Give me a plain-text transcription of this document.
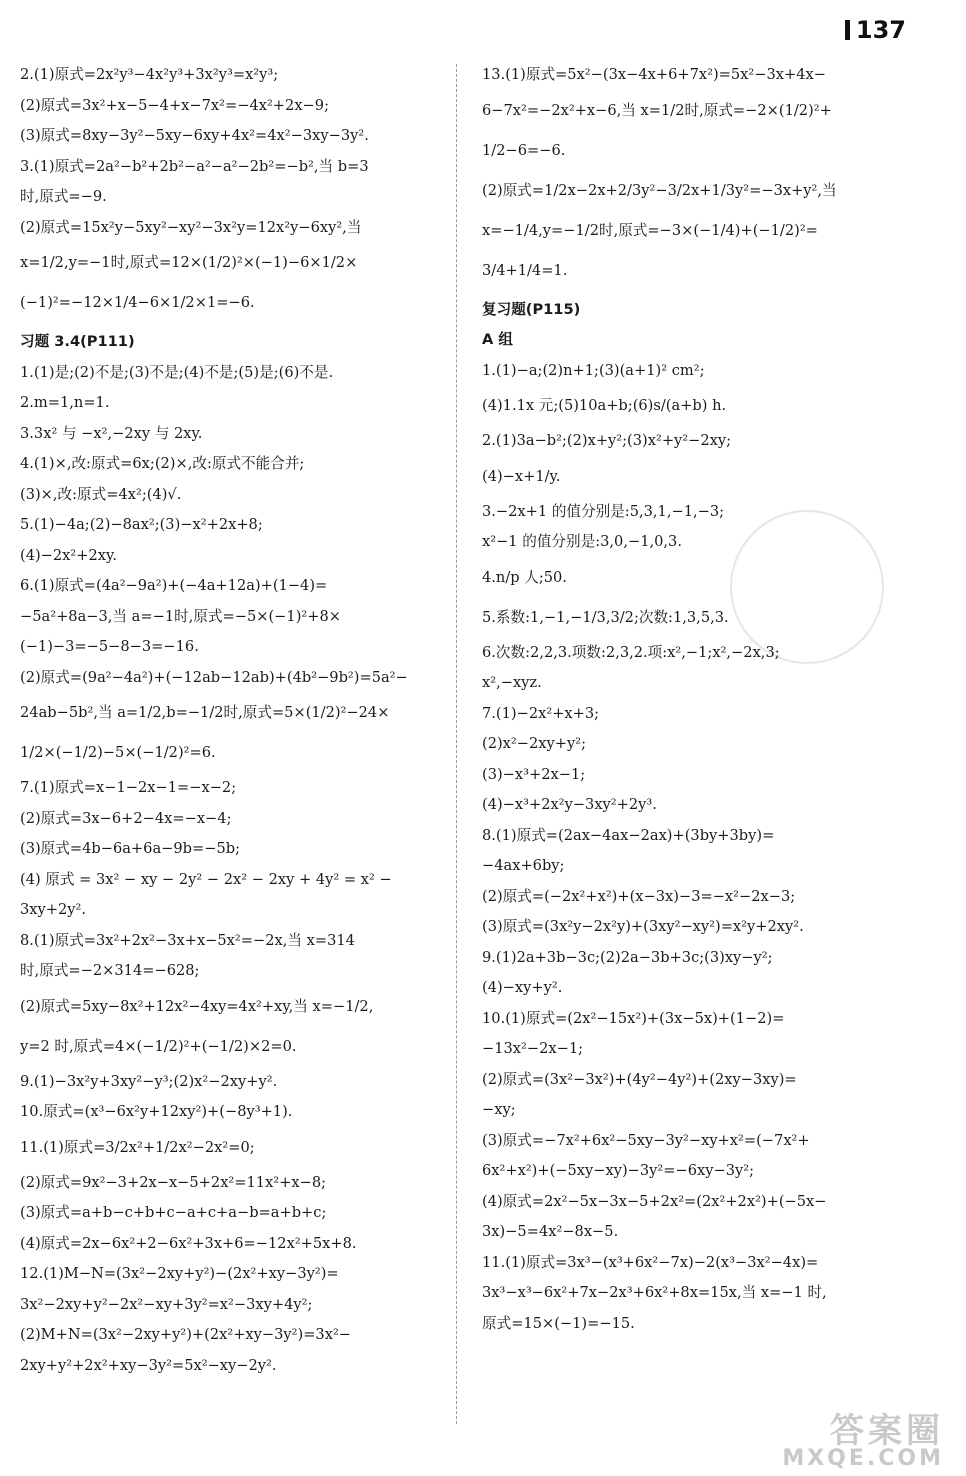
137
2.(1)原式=2x²y³−4x²y³+3x²y³=x²y³;
(2)原式=3x²+x−5−4+x−7x²=−4x²+2x−9;
(3)原式=8xy−3y²−5xy−6xy+4x²=4x²−3xy−3y².
3.(1)原式=2a²−b²+2b²−a²−a²−2b²=−b²,当 b=3
时,原式=−9.
(2)原式=15x²y−5xy²−xy²−3x²y=12x²y−6xy²,当
x=1/2,y=−1时,原式=12×(1/2)²×(−1)−6×1/2×
(−1)²=−12×1/4−6×1/2×1=−6.
习题 3.4(P111)
1.(1)是;(2)不是;(3)不是;(4)不是;(5)是;(6)不是.
2.m=1,n=1.
3.3x² 与 −x²,−2xy 与 2xy.
4.(1)×,改:原式=6x;(2)×,改:原式不能合并;
(3)×,改:原式=4x²;(4)√.
5.(1)−4a;(2)−8ax²;(3)−x²+2x+8;
(4)−2x²+2xy.
6.(1)原式=(4a²−9a²)+(−4a+12a)+(1−4)=
−5a²+8a−3,当 a=−1时,原式=−5×(−1)²+8×
(−1)−3=−5−8−3=−16.
(2)原式=(9a²−4a²)+(−12ab−12ab)+(4b²−9b²)=5a²−
24ab−5b²,当 a=1/2,b=−1/2时,原式=5×(1/2)²−24×
1/2×(−1/2)−5×(−1/2)²=6.
7.(1)原式=x−1−2x−1=−x−2;
(2)原式=3x−6+2−4x=−x−4;
(3)原式=4b−6a+6a−9b=−5b;
(4) 原式 = 3x² − xy − 2y² − 2x² − 2xy + 4y² = x² −
3xy+2y².
8.(1)原式=3x²+2x²−3x+x−5x²=−2x,当 x=314
时,原式=−2×314=−628;
(2)原式=5xy−8x²+12x²−4xy=4x²+xy,当 x=−1/2,
y=2 时,原式=4×(−1/2)²+(−1/2)×2=0.
9.(1)−3x²y+3xy²−y³;(2)x²−2xy+y².
10.原式=(x³−6x²y+12xy²)+(−8y³+1).
11.(1)原式=3/2x²+1/2x²−2x²=0;
(2)原式=9x²−3+2x−x−5+2x²=11x²+x−8;
(3)原式=a+b−c+b+c−a+c+a−b=a+b+c;
(4)原式=2x−6x²+2−6x²+3x+6=−12x²+5x+8.
12.(1)M−N=(3x²−2xy+y²)−(2x²+xy−3y²)=
3x²−2xy+y²−2x²−xy+3y²=x²−3xy+4y²;
(2)M+N=(3x²−2xy+y²)+(2x²+xy−3y²)=3x²−
2xy+y²+2x²+xy−3y²=5x²−xy−2y².
13.(1)原式=5x²−(3x−4x+6+7x²)=5x²−3x+4x−
6−7x²=−2x²+x−6,当 x=1/2时,原式=−2×(1/2)²+
1/2−6=−6.
(2)原式=1/2x−2x+2/3y²−3/2x+1/3y²=−3x+y²,当
x=−1/4,y=−1/2时,原式=−3×(−1/4)+(−1/2)²=
3/4+1/4=1.
复习题(P115)
A 组
1.(1)−a;(2)n+1;(3)(a+1)² cm²;
(4)1.1x 元;(5)10a+b;(6)s/(a+b) h.
2.(1)3a−b²;(2)x+y²;(3)x²+y²−2xy;
(4)−x+1/y.
3.−2x+1 的值分别是:5,3,1,−1,−3;
x²−1 的值分别是:3,0,−1,0,3.
4.n/p 人;50.
5.系数:1,−1,−1/3,3/2;次数:1,3,5,3.
6.次数:2,2,3.项数:2,3,2.项:x²,−1;x²,−2x,3;
x²,−xyz.
7.(1)−2x²+x+3;
(2)x²−2xy+y²;
(3)−x³+2x−1;
(4)−x³+2x²y−3xy²+2y³.
8.(1)原式=(2ax−4ax−2ax)+(3by+3by)=
−4ax+6by;
(2)原式=(−2x²+x²)+(x−3x)−3=−x²−2x−3;
(3)原式=(3x²y−2x²y)+(3xy²−xy²)=x²y+2xy².
9.(1)2a+3b−3c;(2)2a−3b+3c;(3)xy−y²;
(4)−xy+y².
10.(1)原式=(2x²−15x²)+(3x−5x)+(1−2)=
−13x²−2x−1;
(2)原式=(3x²−3x²)+(4y²−4y²)+(2xy−3xy)=
−xy;
(3)原式=−7x²+6x²−5xy−3y²−xy+x²=(−7x²+
6x²+x²)+(−5xy−xy)−3y²=−6xy−3y²;
(4)原式=2x²−5x−3x−5+2x²=(2x²+2x²)+(−5x−
3x)−5=4x²−8x−5.
11.(1)原式=3x³−(x³+6x²−7x)−2(x³−3x²−4x)=
3x³−x³−6x²+7x−2x³+6x²+8x=15x,当 x=−1 时,
原式=15×(−1)=−15.
答案圈
MXQE.COM
